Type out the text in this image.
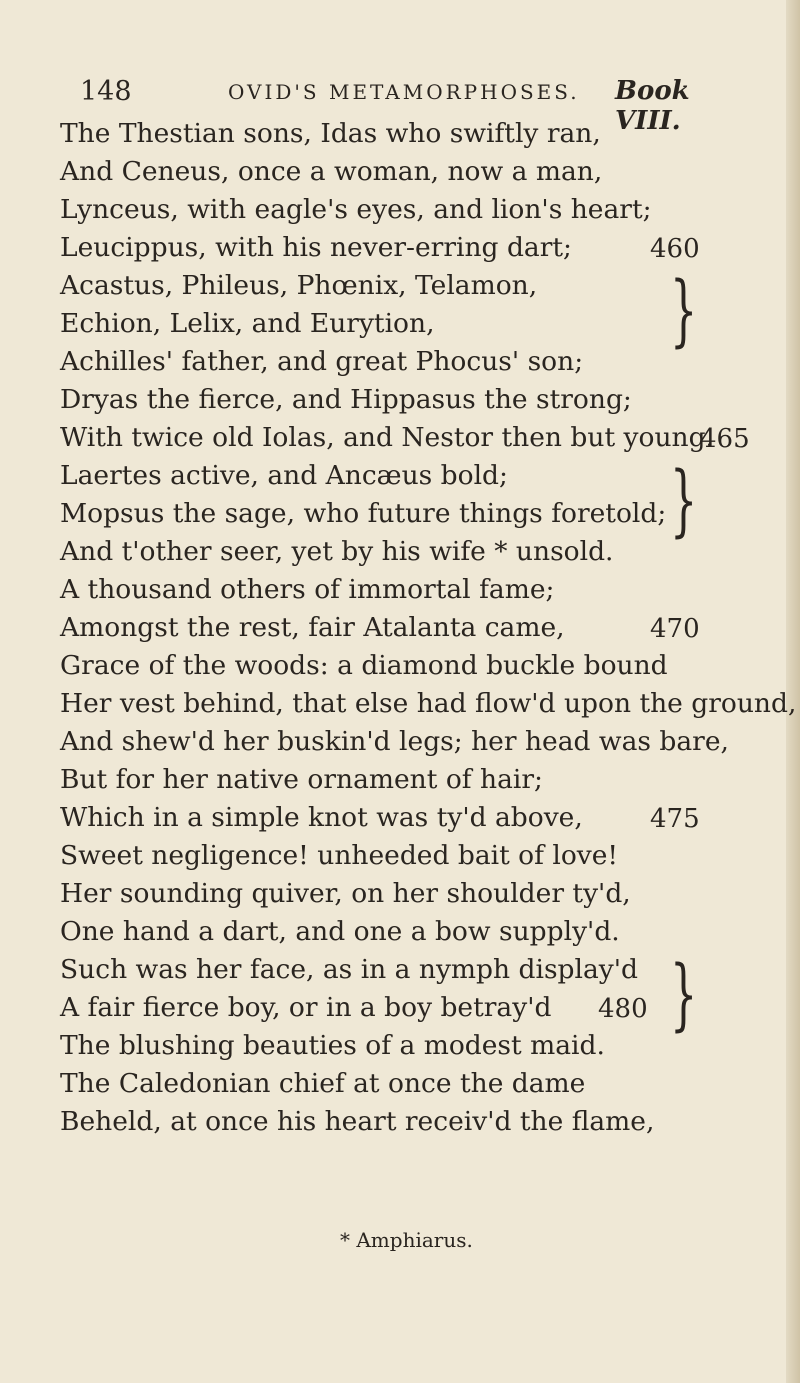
148	OVID'S METAMORPHOSES. Book VIII.
The Thestian sons, Idas who swiftly ran,
And Ceneus, once a woman, now a man,
Lynceus, with eagle's eyes, and lion's heart;
Leucippus, with his never-erring dart;
Acastus, Phileus, Phœnix, Telamon,
Echion, Lelix, and Eurytion,
Achilles' father, and great Phocus' son;
Dryas the fierce, and Hippasus the strong;
With twice old Iolas, and Nestor then but young.
Laertes active, and Ancæus bold;
Mopsus the sage, who future things foretold;
And t'other seer, yet by his wife * unsold.
A thousand others of immortal fame;
Amongst the rest, fair Atalanta came,
Grace of the woods: a diamond buckle bound
Her vest behind, that else had flow'd upon the ground,
And shew'd her buskin'd legs; her head was bare,
But for her native ornament of hair;
Which in a simple knot was ty'd above,
Sweet negligence! unheeded bait of love!
Her sounding quiver, on her shoulder ty'd,
One hand a dart, and one a bow supply'd.
Such was her face, as in a nymph display'd
A fair fierce boy, or in a boy betray'd
The blushing beauties of a modest maid.
The Caledonian chief at once the dame
Beheld, at once his heart receiv'd the flame,
460
465
470
475
480
}
}
}
* Amphiarus.
